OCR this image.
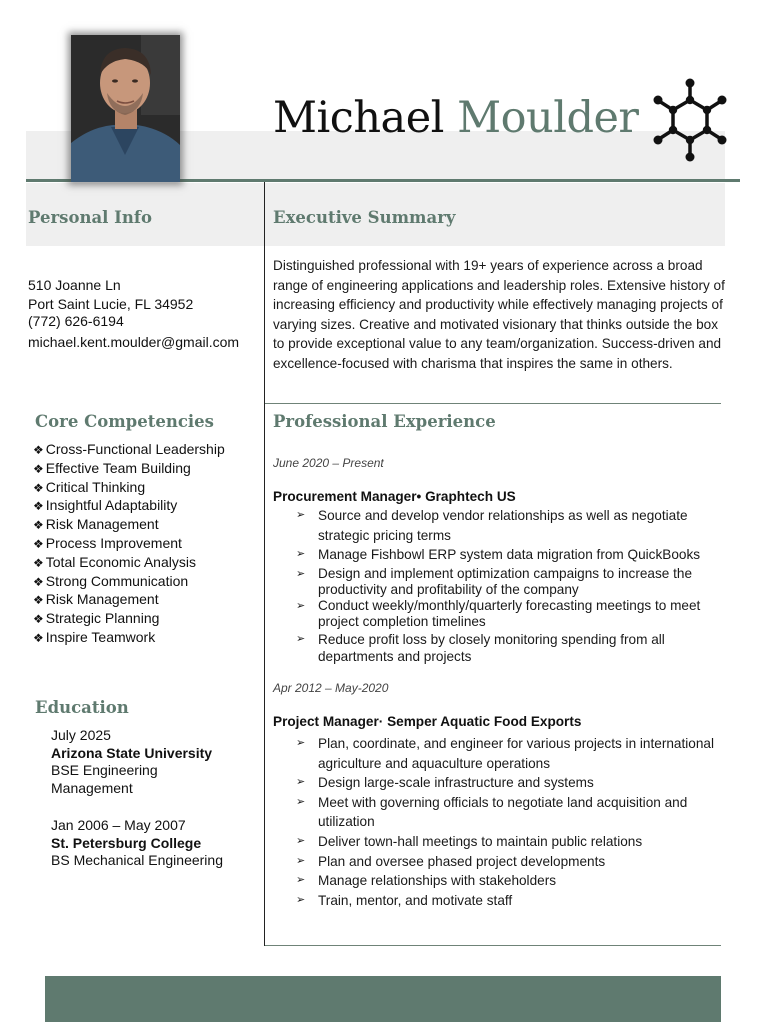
Michael Moulder
Personal Info	Executive Summary
Core Competencies	Professional Experience
Education
510 Joanne Ln
Port Saint Lucie, FL 34952
(772) 626-6194
michael.kent.moulder@gmail.com
Distinguished professional with 19+ years of experience across a broad range of engineering applications and leadership roles. Extensive history of increasing efficiency and productivity while effectively managing projects of varying sizes. Creative and motivated visionary that thinks outside the box to provide exceptional value to any team/organization. Success-driven and excellence-focused with charisma that inspires the same in others.
❖ Cross-Functional Leadership
❖ Effective Team Building
❖ Critical Thinking
❖ Insightful Adaptability
❖ Risk Management
❖ Process Improvement
❖ Total Economic Analysis
❖ Strong Communication
❖ Risk Management
❖ Strategic Planning
❖ Inspire Teamwork
July 2025
Arizona State University
BSE Engineering
Management
Jan 2006 – May 2007
St. Petersburg College
BS Mechanical Engineering
June 2020 – Present
Procurement Manager• Graphtech US
➢ Source and develop vendor relationships as well as negotiate strategic pricing terms
➢ Manage Fishbowl ERP system data migration from QuickBooks
➢ Design and implement optimization campaigns to increase the productivity and profitability of the company
➢ Conduct weekly/monthly/quarterly forecasting meetings to meet project completion timelines
➢ Reduce profit loss by closely monitoring spending from all departments and projects
Apr 2012 – May-2020
Project Manager· Semper Aquatic Food Exports
➢ Plan, coordinate, and engineer for various projects in international agriculture and aquaculture operations
➢ Design large-scale infrastructure and systems
➢ Meet with governing officials to negotiate land acquisition and utilization
➢ Deliver town-hall meetings to maintain public relations
➢ Plan and oversee phased project developments
➢ Manage relationships with stakeholders
➢ Train, mentor, and motivate staff
